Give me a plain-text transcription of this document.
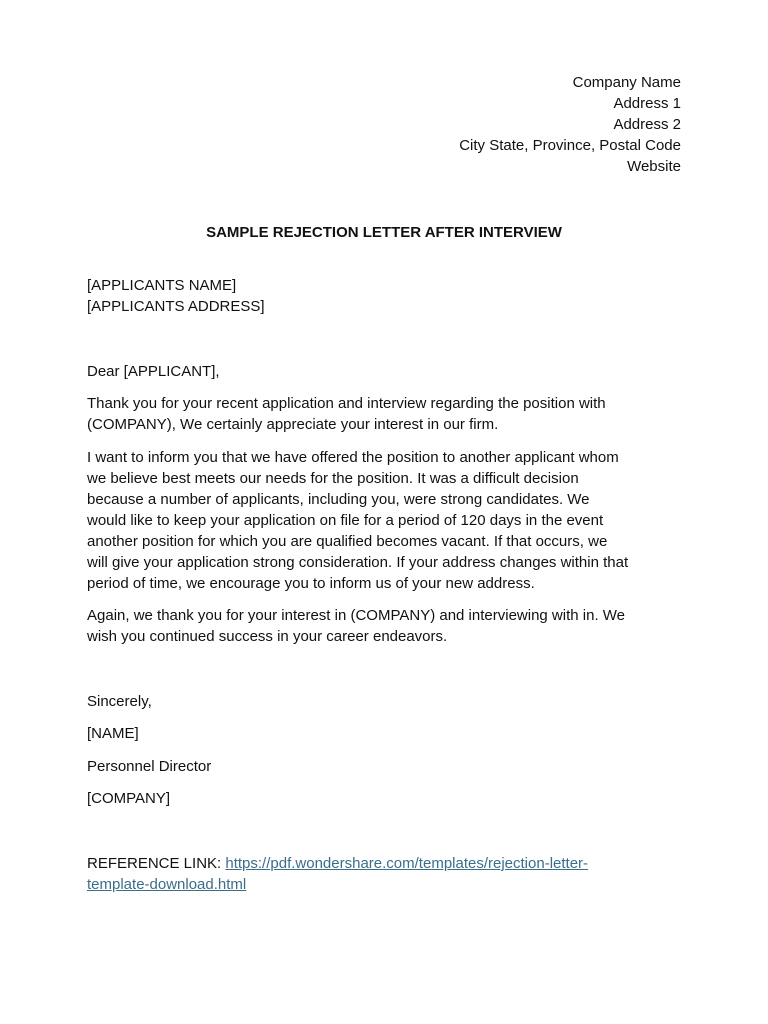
Company Name
Address 1
Address 2
City State, Province, Postal Code
Website
SAMPLE REJECTION LETTER AFTER INTERVIEW
[APPLICANTS NAME]
[APPLICANTS ADDRESS]
Dear [APPLICANT],
Thank you for your recent application and interview regarding the position with
(COMPANY), We certainly appreciate your interest in our firm.
I want to inform you that we have offered the position to another applicant whom
we believe best meets our needs for the position. It was a difficult decision
because a number of applicants, including you, were strong candidates. We
would like to keep your application on file for a period of 120 days in the event
another position for which you are qualified becomes vacant. If that occurs, we
will give your application strong consideration. If your address changes within that
period of time, we encourage you to inform us of your new address.
Again, we thank you for your interest in (COMPANY) and interviewing with in. We
wish you continued success in your career endeavors.
Sincerely,
[NAME]
Personnel Director
[COMPANY]
REFERENCE LINK: https://pdf.wondershare.com/templates/rejection-letter-
template-download.html
